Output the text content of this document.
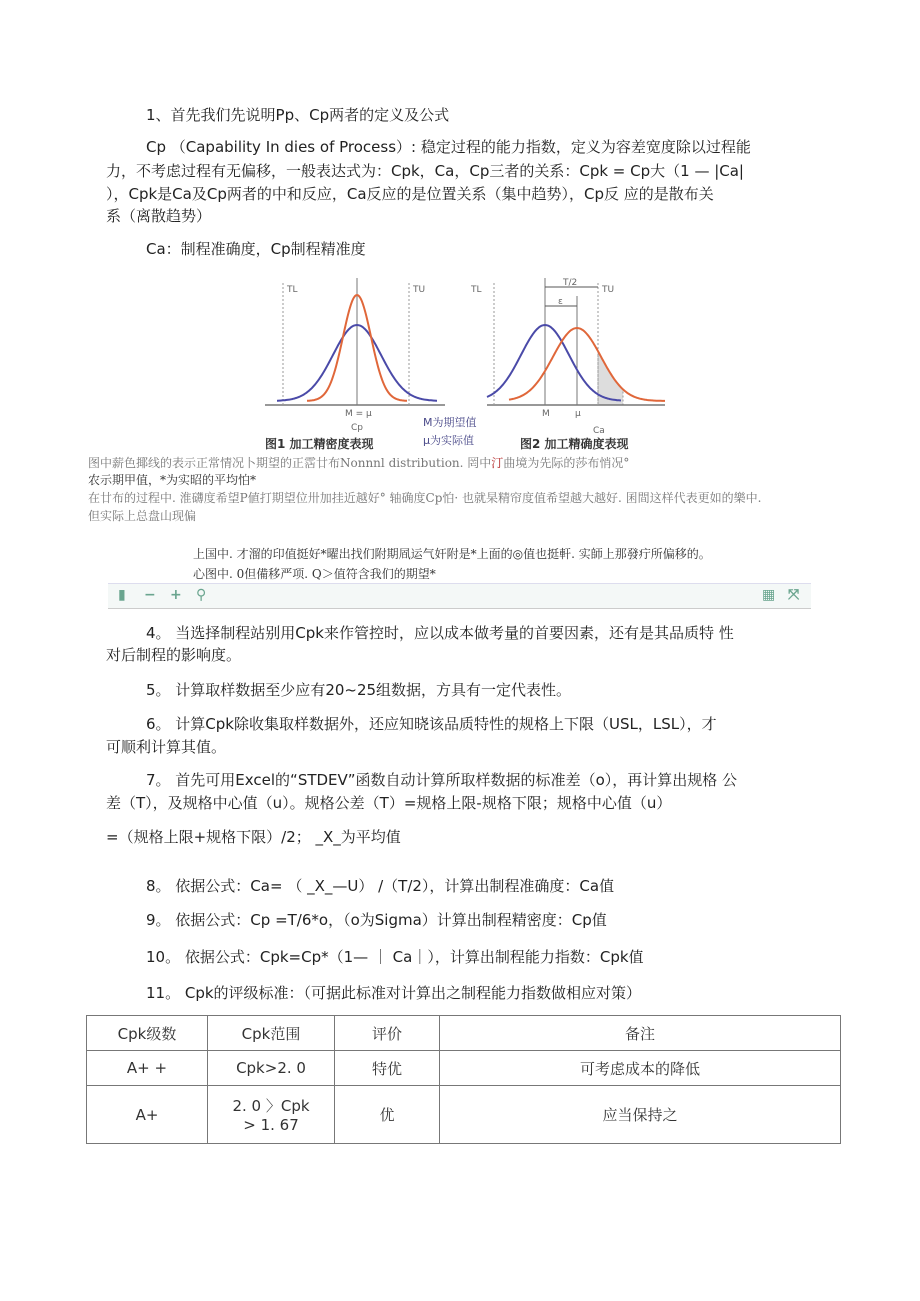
1、首先我们先说明Pp、Cp两者的定义及公式
Cp （Capability In dies of Process）: 稳定过程的能力指数，定义为容差宽度除以过程能
力，不考虑过程有无偏移，一般表达式为：Cpk，Ca，Cp三者的关系：Cpk = Cp大（1 — |Ca|
），Cpk是Ca及Cp两者的中和反应，Ca反应的是位置关系（集中趋势），Cp反 应的是散布关
系（离散趋势）
Ca：制程准确度，Cp制程精准度
TL	TU	TL	TU
T/2
ε
M = μ
Cp
M	μ
Ca
M为期望值
μ为实际值
图1 加工精密度表现	图2 加工精确度表现
图中薪色揶线的表示正常情况卜期望的正霑廿布Nonnnl distribution. 罔中汀曲境为先际的莎布悄况°
农示期甲值，*为实昭的平均怕*
在廿布的过程中. 淮礴度希望P値打期望位卅加挂近越好° 轴确度Cp怕· 也就杲精帘度值希望越大越好. 囷間这样代表更如的樂中.
但实际上总盘山现偏
上国中. 才溜的印值挺好*曜出找们附期凮运气奸附是*上面的◎值也挺軒. 实師上那發疔所偏移的。
心图中. 0但備移严项. Q＞值符含我们的期望*
▮ − + ⚲	▦ ⤧
4。 当选择制程站别用Cpk来作管控时，应以成本做考量的首要因素，还有是其品质特 性
对后制程的影响度。
5。 计算取样数据至少应有20~25组数据，方具有一定代表性。
6。 计算Cpk除收集取样数据外，还应知晓该品质特性的规格上下限（USL，LSL），才
可顺利计算其值。
7。 首先可用Excel的“STDEV”函数自动计算所取样数据的标准差（o），再计算出规格 公
差（T），及规格中心值（u）。规格公差（T）=规格上限-规格下限；规格中心值（u）
=（规格上限+规格下限）/2； _X_为平均值
8。 依据公式：Ca= （ _X_—U） /（T/2），计算出制程准确度：Ca值
9。 依据公式：Cp =T/6*o，（o为Sigma）计算出制程精密度：Cp值
10。 依据公式：Cpk=Cp*（1— ｜ Ca｜），计算出制程能力指数：Cpk值
11。 Cpk的评级标准：（可据此标准对计算出之制程能力指数做相应对策）
Cpk级数	Cpk范围	评价	备注
A+ +	Cpk>2. 0	特优	可考虑成本的降低
A+	2. 0 〉Cpk > 1. 67	优	应当保持之
